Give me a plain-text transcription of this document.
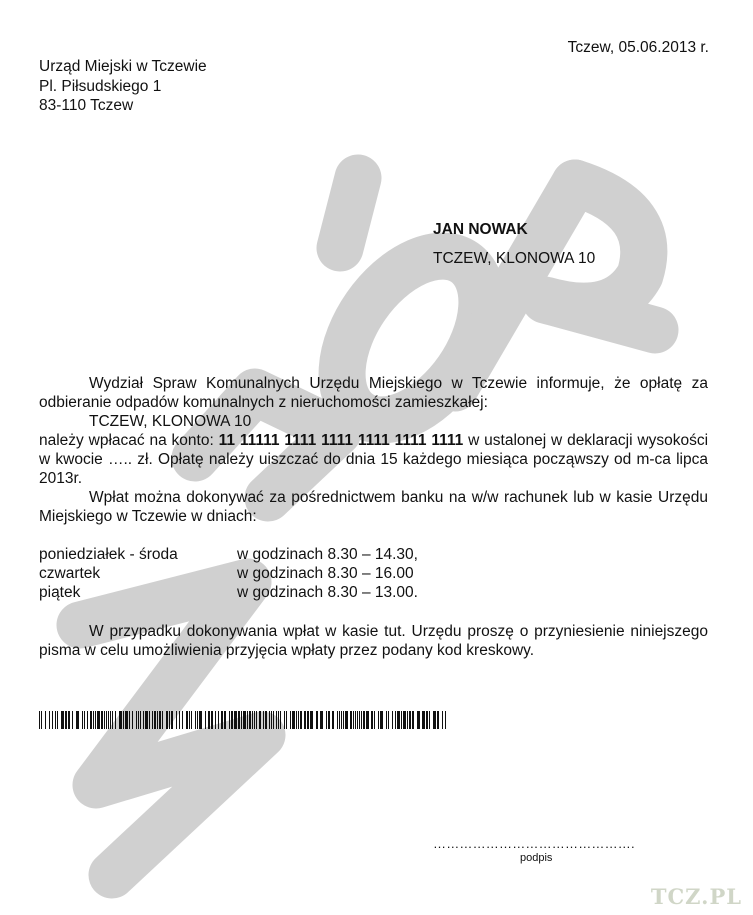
Tczew, 05.06.2013 r.
Urząd Miejski w Tczewie
Pl. Piłsudskiego 1
83-110 Tczew
JAN NOWAK
TCZEW, KLONOWA 10

Wydział Spraw Komunalnych Urzędu Miejskiego w Tczewie informuje, że opłatę za odbieranie odpadów komunalnych z nieruchomości zamieszkałej:

TCZEW, KLONOWA 10

należy wpłacać na konto: 11 11111 1111 1111 1111 1111 1111 w ustalonej w deklaracji wysokości w kwocie ….. zł. Opłatę należy uiszczać do dnia 15 każdego miesiąca począwszy od m-ca lipca 2013r.

Wpłat można dokonywać za pośrednictwem banku na w/w rachunek lub w kasie Urzędu Miejskiego w Tczewie w dniach:

poniedziałek - środa	w godzinach 8.30 – 14.30,
czwartek	w godzinach 8.30 – 16.00
piątek	w godzinach 8.30 – 13.00.

W przypadku dokonywania wpłat w kasie tut. Urzędu proszę o przyniesienie niniejszego pisma w celu umożliwienia przyjęcia wpłaty przez podany kod kreskowy.

……………………………………….
podpis
TCZ.PL
